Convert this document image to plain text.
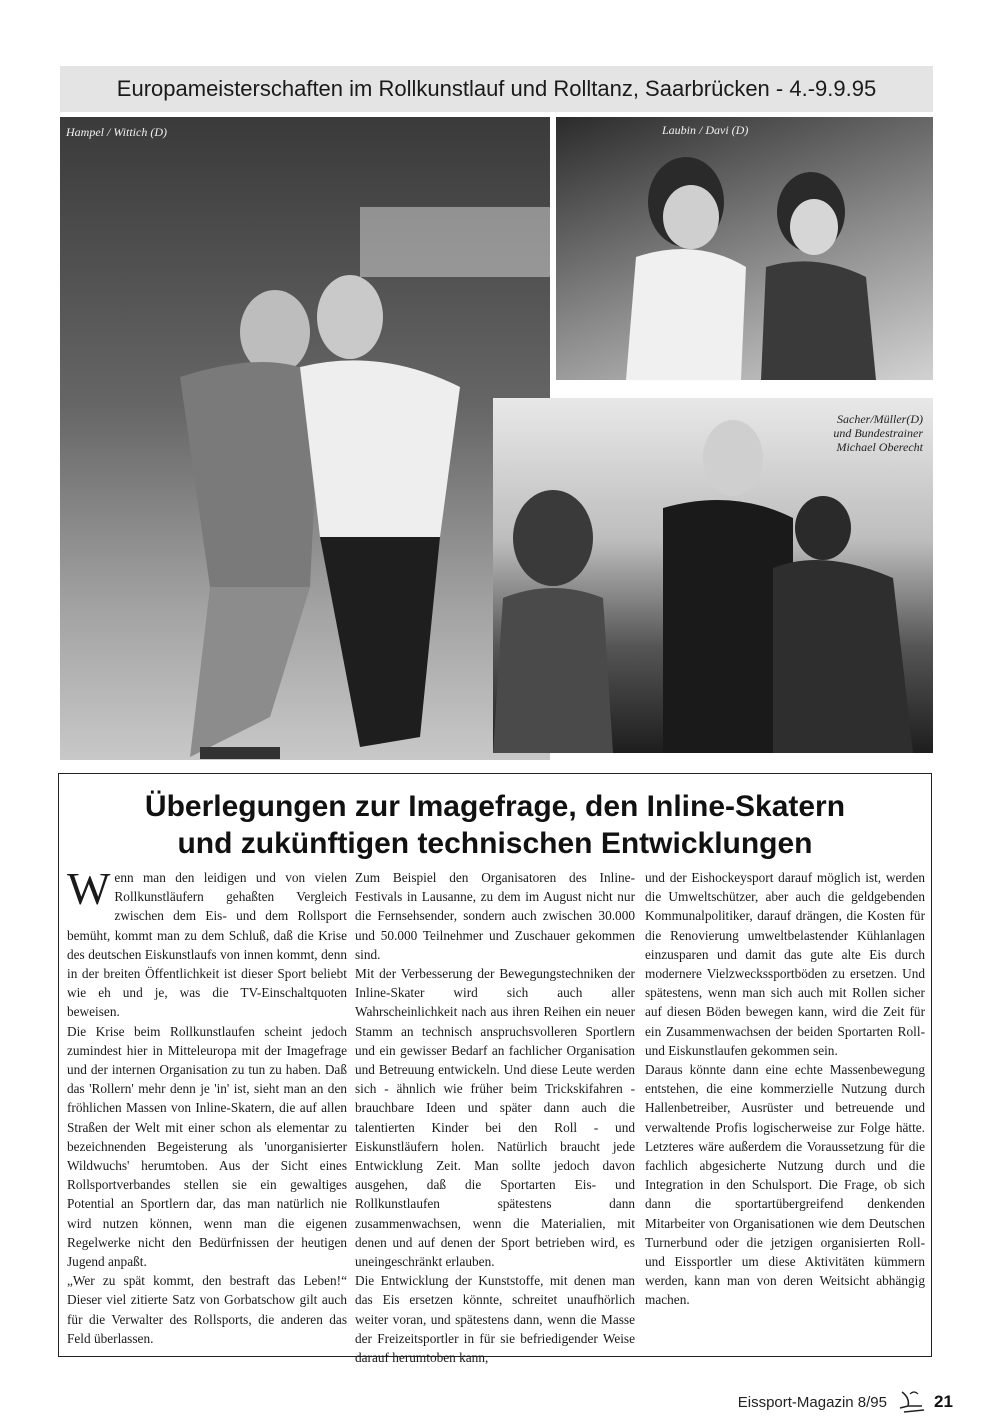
Europameisterschaften im Rollkunstlauf und Rolltanz, Saarbrücken - 4.-9.9.95
Hampel / Wittich (D)	Laubin / Davi (D)
Sacher/Müller(D)
und Bundestrainer
Michael Oberecht
Überlegungen zur Imagefrage, den Inline-Skatern
und zukünftigen technischen Entwicklungen

Wenn man den leidigen und von vielen Rollkunstläufern gehaßten Vergleich zwischen dem Eis- und dem Rollsport bemüht, kommt man zu dem Schluß, daß die Krise des deutschen Eiskunstlaufs von innen kommt, denn in der breiten Öffentlichkeit ist dieser Sport beliebt wie eh und je, was die TV-Einschaltquoten beweisen.

Die Krise beim Rollkunstlaufen scheint jedoch zumindest hier in Mitteleuropa mit der Imagefrage und der internen Organisation zu tun zu haben. Daß das 'Rollern' mehr denn je 'in' ist, sieht man an den fröhlichen Massen von Inline-Skatern, die auf allen Straßen der Welt mit einer schon als elementar zu bezeichnenden Begeisterung als 'unorganisierter Wildwuchs' herumtoben. Aus der Sicht eines Rollsportverbandes stellen sie ein gewaltiges Potential an Sportlern dar, das man natürlich nie wird nutzen können, wenn man die eigenen Regelwerke nicht den Bedürfnissen der heutigen Jugend anpaßt.

„Wer zu spät kommt, den bestraft das Leben!“ Dieser viel zitierte Satz von Gorbatschow gilt auch für die Verwalter des Rollsports, die anderen das Feld überlassen.

Zum Beispiel den Organisatoren des Inline-Festivals in Lausanne, zu dem im August nicht nur die Fernsehsender, sondern auch zwischen 30.000 und 50.000 Teilnehmer und Zuschauer gekommen sind.

Mit der Verbesserung der Bewegungstechniken der Inline-Skater wird sich auch aller Wahrscheinlichkeit nach aus ihren Reihen ein neuer Stamm an technisch anspruchsvolleren Sportlern und ein gewisser Bedarf an fachlicher Organisation und Betreuung entwickeln. Und diese Leute werden sich - ähnlich wie früher beim Trickskifahren - brauchbare Ideen und später dann auch die talentierten Kinder bei den Roll - und Eiskunstläufern holen. Natürlich braucht jede Entwicklung Zeit. Man sollte jedoch davon ausgehen, daß die Sportarten Eis- und Rollkunstlaufen spätestens dann zusammenwachsen, wenn die Materialien, mit denen und auf denen der Sport betrieben wird, es uneingeschränkt erlauben.

Die Entwicklung der Kunststoffe, mit denen man das Eis ersetzen könnte, schreitet unaufhörlich weiter voran, und spätestens dann, wenn die Masse der Freizeitsportler in für sie befriedigender Weise darauf herumtoben kann,

und der Eishockeysport darauf möglich ist, werden die Umweltschützer, aber auch die geldgebenden Kommunalpolitiker, darauf drängen, die Kosten für die Renovierung umweltbelastender Kühlanlagen einzusparen und damit das gute alte Eis durch modernere Vielzweckssportböden zu ersetzen. Und spätestens, wenn man sich auch mit Rollen sicher auf diesen Böden bewegen kann, wird die Zeit für ein Zusammenwachsen der beiden Sportarten Roll- und Eiskunstlaufen gekommen sein.

Daraus könnte dann eine echte Massenbewegung entstehen, die eine kommerzielle Nutzung durch Hallenbetreiber, Ausrüster und betreuende und verwaltende Profis logischerweise zur Folge hätte. Letzteres wäre außerdem die Voraussetzung für die fachlich abgesicherte Nutzung durch und die Integration in den Schulsport. Die Frage, ob sich dann die sportartübergreifend denkenden Mitarbeiter von Organisationen wie dem Deutschen Turnerbund oder die jetzigen organisierten Roll- und Eissportler um diese Aktivitäten kümmern werden, kann man von deren Weitsicht abhängig machen.

Eissport-Magazin 8/95	21
